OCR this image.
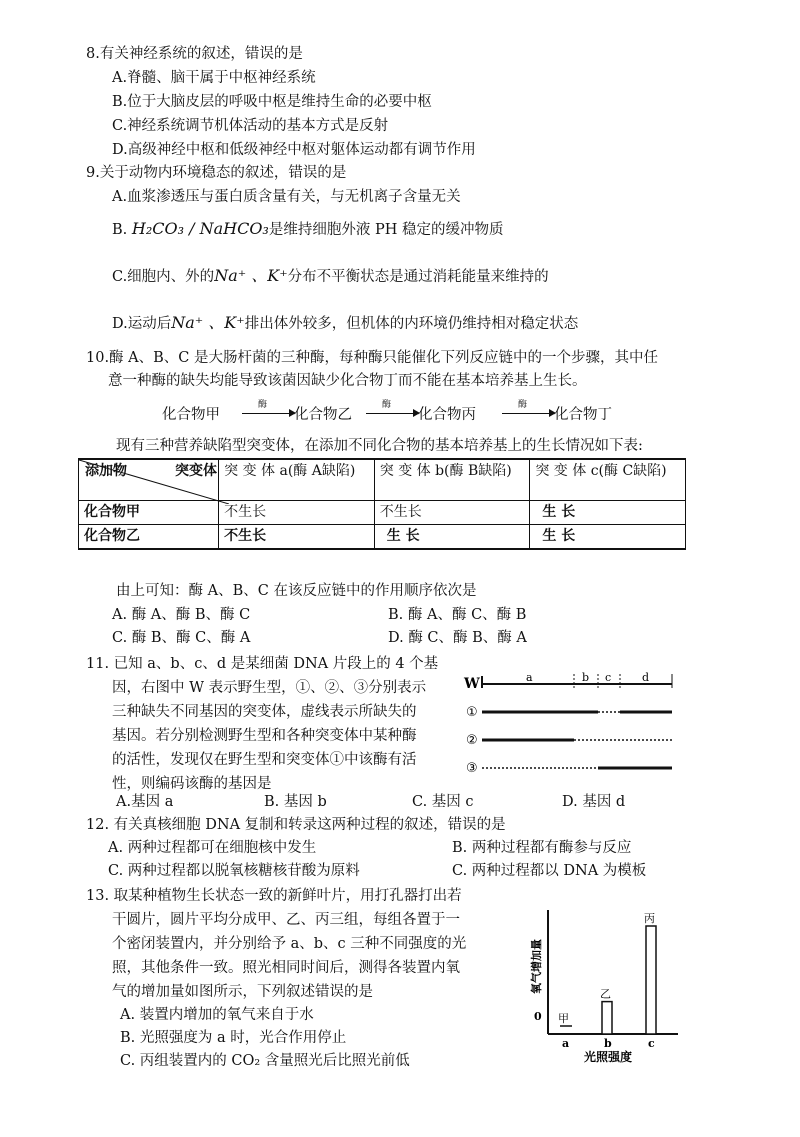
8.有关神经系统的叙述，错误的是
A.脊髓、脑干属于中枢神经系统
B.位于大脑皮层的呼吸中枢是维持生命的必要中枢
C.神经系统调节机体活动的基本方式是反射
D.高级神经中枢和低级神经中枢对躯体运动都有调节作用
9.关于动物内环境稳态的叙述，错误的是
A.血浆渗透压与蛋白质含量有关，与无机离子含量无关
B. H₂CO₃ / NaHCO₃是维持细胞外液 PH 稳定的缓冲物质
C.细胞内、外的Na⁺ 、K⁺分布不平衡状态是通过消耗能量来维持的
D.运动后Na⁺ 、K⁺排出体外较多，但机体的内环境仍维持相对稳定状态
10.酶 A、B、C 是大肠杆菌的三种酶，每种酶只能催化下列反应链中的一个步骤，其中任
意一种酶的缺失均能导致该菌因缺少化合物丁而不能在基本培养基上生长。
化合物甲
酶
化合物乙
酶
化合物丙
酶
化合物丁
现有三种营养缺陷型突变体，在添加不同化合物的基本培养基上的生长情况如下表:
添加物 突变体	突 变 体 a(酶 A缺陷)	突 变 体 b(酶 B缺陷)	突 变 体 c(酶 C缺陷)
化合物甲	不生长	不生长	生 长
化合物乙	不生长	生 长	生 长
由上可知：酶 A、B、C 在该反应链中的作用顺序依次是
A. 酶 A、酶 B、酶 C	B. 酶 A、酶 C、酶 B
C. 酶 B、酶 C、酶 A	D. 酶 C、酶 B、酶 A
11. 已知 a、b、c、d 是某细菌 DNA 片段上的 4 个基
因，右图中 W 表示野生型，①、②、③分别表示
三种缺失不同基因的突变体，虚线表示所缺失的
基因。若分别检测野生型和各种突变体中某种酶
的活性，发现仅在野生型和突变体①中该酶有活
性，则编码该酶的基因是
A.基因 a	B. 基因 b	C. 基因 c	D. 基因 d
W	a	b c	d
①
②
③
12. 有关真核细胞 DNA 复制和转录这两种过程的叙述，错误的是
A. 两种过程都可在细胞核中发生	B. 两种过程都有酶参与反应
C. 两种过程都以脱氧核糖核苷酸为原料	C. 两种过程都以 DNA 为模板
13. 取某种植物生长状态一致的新鲜叶片，用打孔器打出若
干圆片，圆片平均分成甲、乙、丙三组，每组各置于一
个密闭装置内，并分别给予 a、b、c 三种不同强度的光
照，其他条件一致。照光相同时间后，测得各装置内氧
气的增加量如图所示，下列叙述错误的是
A. 装置内增加的氧气来自于水
B. 光照强度为 a 时，光合作用停止
C. 丙组装置内的 CO₂ 含量照光后比照光前低
氧气增加量
0
光照强度
甲
a
乙
b
丙
c
